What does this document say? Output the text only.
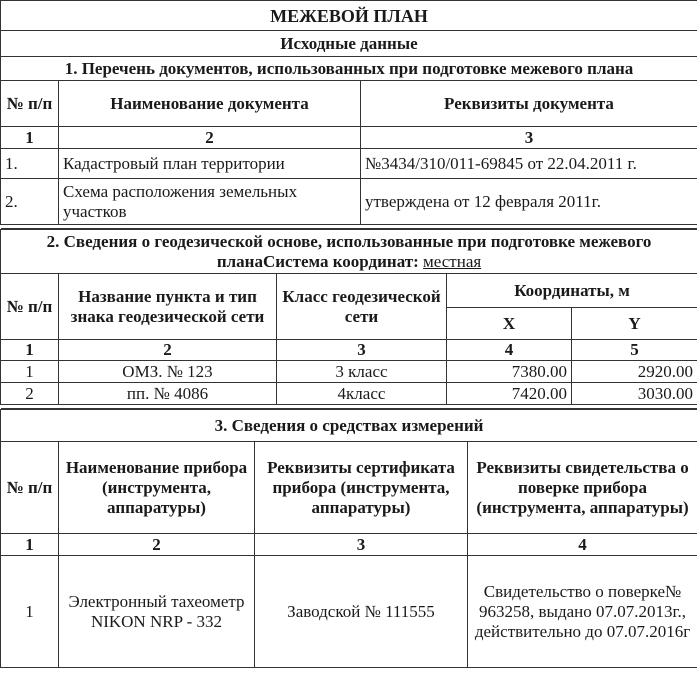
МЕЖЕВОЙ ПЛАН		
Исходные данные		
1. Перечень документов, использованных при подготовке межевого плана		
№ п/п	Наименование документа	Реквизиты документа
1	2	3
1.	Кадастровый план территории	№3434/310/011-69845 от 22.04.2011 г.
2.	Схема расположения земельных участков	утверждена от 12 февраля 2011г.

2. Сведения о геодезической основе, использованные при подготовке межевого планаСистема координат: местная				
№ п/п	Название пункта и тип знака геодезической сети	Класс геодезической сети	Координаты, м	
			X	Y
1	2	3	4	5
1	ОМЗ. № 123	3 класс	7380.00	2920.00
2	пп. № 4086	4класс	7420.00	3030.00

3. Сведения о средствах измерений			
№ п/п	Наименование прибора (инструмента, аппаратуры)	Реквизиты сертификата прибора (инструмента, аппаратуры)	Реквизиты свидетельства о поверке прибора (инструмента, аппаратуры)
1	2	3	4
1	Электронный тахеометр NIKON NRP - 332	Заводской № 111555	Свидетельство о поверке№ 963258, выдано 07.07.2013г., действительно до 07.07.2016г
